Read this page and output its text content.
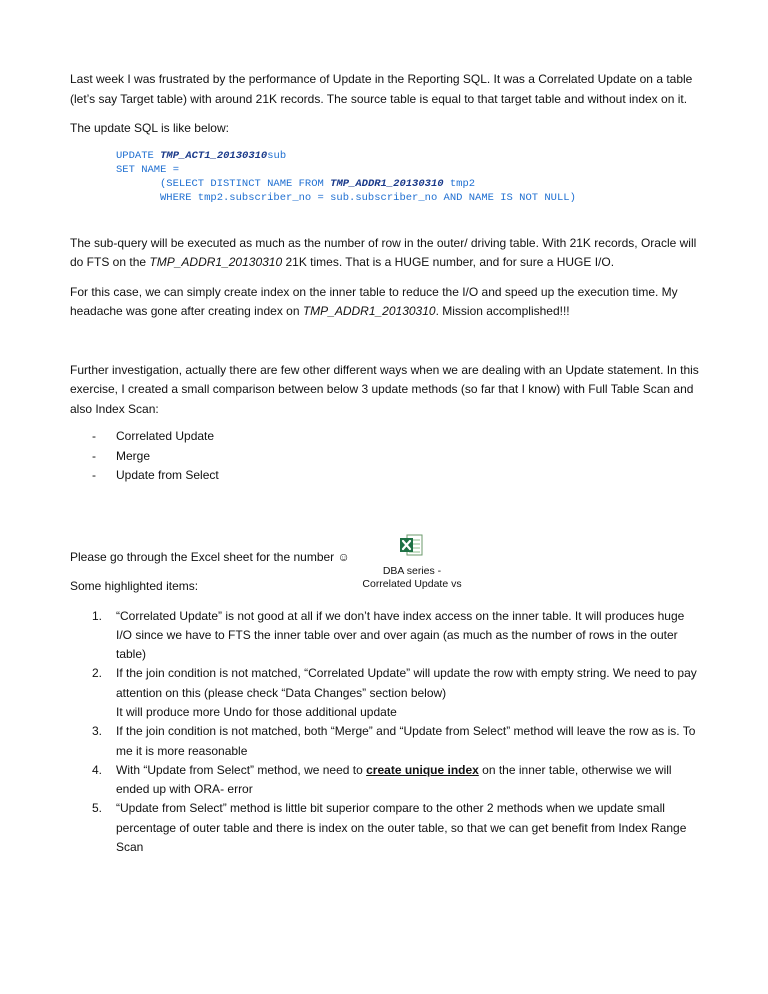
Last week I was frustrated by the performance of Update in the Reporting SQL. It was a Correlated Update on a table (let’s say Target table) with around 21K records. The source table is equal to that target table and without index on it.

The update SQL is like below:

UPDATE TMP_ACT1_20130310sub
SET NAME =
(SELECT DISTINCT NAME FROM TMP_ADDR1_20130310 tmp2
WHERE tmp2.subscriber_no = sub.subscriber_no AND NAME IS NOT NULL)

The sub-query will be executed as much as the number of row in the outer/ driving table. With 21K records, Oracle will do FTS on the TMP_ADDR1_20130310 21K times. That is a HUGE number, and for sure a HUGE I/O.

For this case, we can simply create index on the inner table to reduce the I/O and speed up the execution time. My headache was gone after creating index on TMP_ADDR1_20130310. Mission accomplished!!!

Further investigation, actually there are few other different ways when we are dealing with an Update statement. In this exercise, I created a small comparison between below 3 update methods (so far that I know) with Full Table Scan and also Index Scan:

- Correlated Update
- Merge
- Update from Select

Please go through the Excel sheet for the number ☺

Some highlighted items:

1. “Correlated Update” is not good at all if we don’t have index access on the inner table. It will produces huge I/O since we have to FTS the inner table over and over again (as much as the number of rows in the outer table)
2. If the join condition is not matched, “Correlated Update” will update the row with empty string. We need to pay attention on this (please check “Data Changes” section below)
It will produce more Undo for those additional update
3. If the join condition is not matched, both “Merge” and “Update from Select” method will leave the row as is. To me it is more reasonable
4. With “Update from Select” method, we need to create unique index on the inner table, otherwise we will ended up with ORA- error
5. “Update from Select” method is little bit superior compare to the other 2 methods when we update small percentage of outer table and there is index on the outer table, so that we can get benefit from Index Range Scan
DBA series -
Correlated Update vs
